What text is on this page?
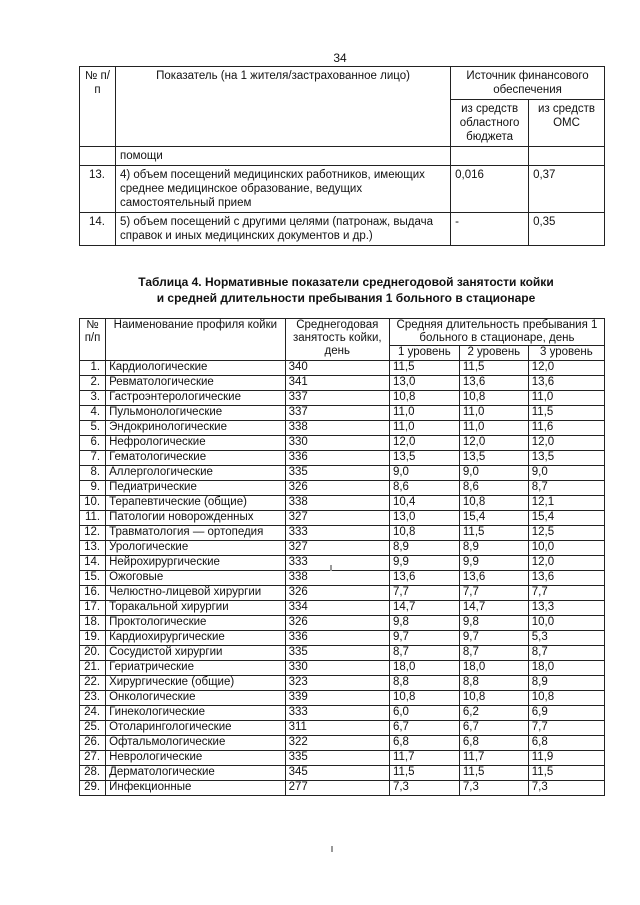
34
№ п/п	Показатель (на 1 жителя/застрахованное лицо)	Источник финансового обеспечения	
		из средств областного бюджета	из средств ОМС
	помощи		
13.	4) объем посещений медицинских работников, имеющих среднее медицинское образование, ведущих самостоятельный прием	0,016	0,37
14.	5) объем посещений с другими целями (патронаж, выдача справок и иных медицинских документов и др.)	-	0,35
Таблица 4. Нормативные показатели среднегодовой занятости койки
и средней длительности пребывания 1 больного в стационаре
№ п/п	Наименование профиля койки	Среднегодовая занятость койки, день	Средняя длительность пребывания 1 больного в стационаре, день		
			1 уровень	2 уровень	3 уровень
1.	Кардиологические	340	11,5	11,5	12,0
2.	Ревматологические	341	13,0	13,6	13,6
3.	Гастроэнтерологические	337	10,8	10,8	11,0
4.	Пульмонологические	337	11,0	11,0	11,5
5.	Эндокринологические	338	11,0	11,0	11,6
6.	Нефрологические	330	12,0	12,0	12,0
7.	Гематологические	336	13,5	13,5	13,5
8.	Аллергологические	335	9,0	9,0	9,0
9.	Педиатрические	326	8,6	8,6	8,7
10.	Терапевтические (общие)	338	10,4	10,8	12,1
11.	Патологии новорожденных	327	13,0	15,4	15,4
12.	Травматология — ортопедия	333	10,8	11,5	12,5
13.	Урологические	327	8,9	8,9	10,0
14.	Нейрохирургические	333	9,9	9,9	12,0
15.	Ожоговые	338	13,6	13,6	13,6
16.	Челюстно-лицевой хирургии	326	7,7	7,7	7,7
17.	Торакальной хирургии	334	14,7	14,7	13,3
18.	Проктологические	326	9,8	9,8	10,0
19.	Кардиохирургические	336	9,7	9,7	5,3
20.	Сосудистой хирургии	335	8,7	8,7	8,7
21.	Гериатрические	330	18,0	18,0	18,0
22.	Хирургические (общие)	323	8,8	8,8	8,9
23.	Онкологические	339	10,8	10,8	10,8
24.	Гинекологические	333	6,0	6,2	6,9
25.	Отоларингологические	311	6,7	6,7	7,7
26.	Офтальмологические	322	6,8	6,8	6,8
27.	Неврологические	335	11,7	11,7	11,9
28.	Дерматологические	345	11,5	11,5	11,5
29.	Инфекционные	277	7,3	7,3	7,3
